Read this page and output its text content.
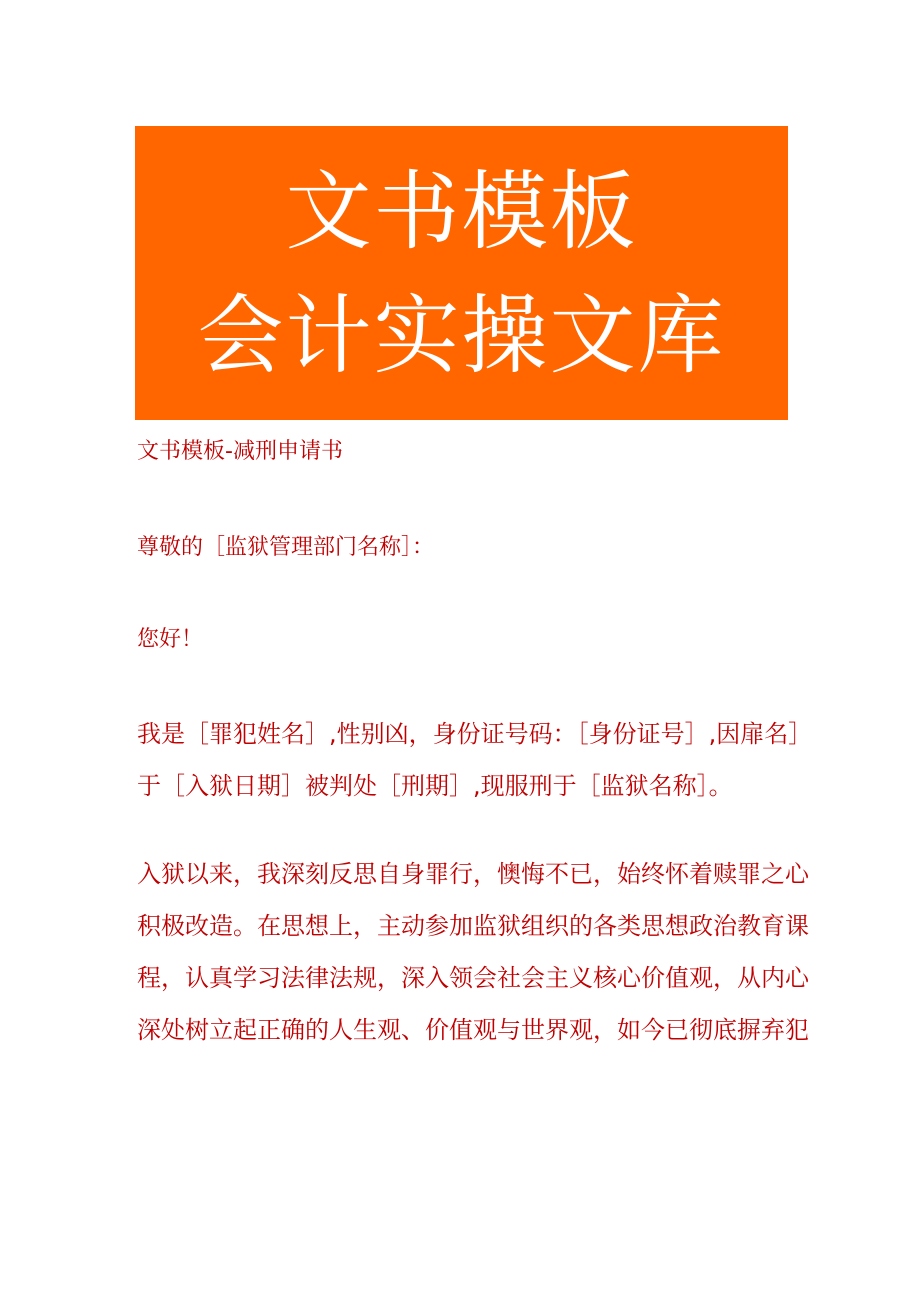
文书模板
会计实操文库

文书模板-减刑申请书

尊敬的［监狱管理部门名称］：
您好！

我是［罪犯姓名］,性别凶，身份证号码：［身份证号］,因扉名］
于［入狱日期］被判处［刑期］,现服刑于［监狱名称］。

入狱以来，我深刻反思自身罪行，懊悔不已，始终怀着赎罪之心
积极改造。在思想上，主动参加监狱组织的各类思想政治教育课
程，认真学习法律法规，深入领会社会主义核心价值观，从内心
深处树立起正确的人生观、价值观与世界观，如今已彻底摒弃犯
